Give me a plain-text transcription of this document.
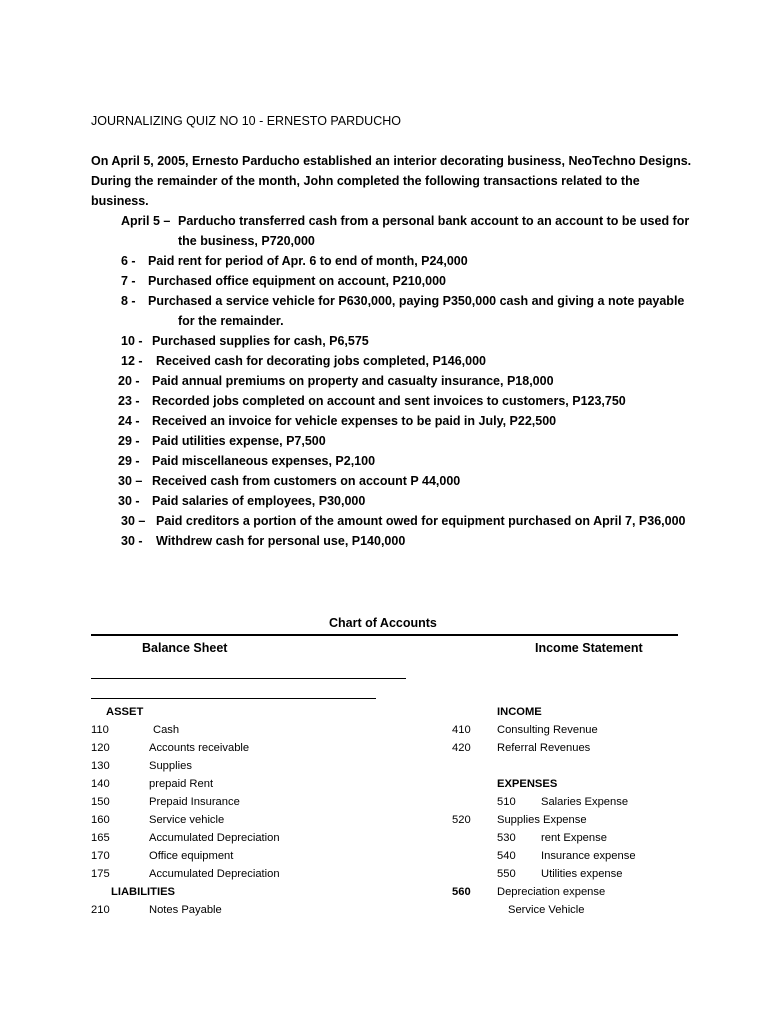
JOURNALIZING QUIZ NO 10 - ERNESTO PARDUCHO
On April 5, 2005, Ernesto Parducho established an interior decorating business, NeoTechno Designs.
During the remainder of the month, John completed the following transactions related to the
business.
April 5 – Parducho transferred cash from a personal bank account to an account to be used for
the business, P720,000
6 - Paid rent for period of Apr. 6 to end of month, P24,000
7 - Purchased office equipment on account, P210,000
8 - Purchased a service vehicle for P630,000, paying P350,000 cash and giving a note payable
for the remainder.
10 - Purchased supplies for cash, P6,575
12 - Received cash for decorating jobs completed, P146,000
20 - Paid annual premiums on property and casualty insurance, P18,000
23 - Recorded jobs completed on account and sent invoices to customers, P123,750
24 - Received an invoice for vehicle expenses to be paid in July, P22,500
29 - Paid utilities expense, P7,500
29 - Paid miscellaneous expenses, P2,100
30 – Received cash from customers on account P 44,000
30 - Paid salaries of employees, P30,000
30 – Paid creditors a portion of the amount owed for equipment purchased on April 7, P36,000
30 - Withdrew cash for personal use, P140,000
Chart of Accounts
Balance Sheet	Income Statement
ASSET
110	Cash
120	Accounts receivable
130	Supplies
140	prepaid Rent
150	Prepaid Insurance
160	Service vehicle
165	Accumulated Depreciation
170	Office equipment
175	Accumulated Depreciation
LIABILITIES
210	Notes Payable
INCOME
410 Consulting Revenue
420 Referral Revenues
EXPENSES
510 Salaries Expense
520 Supplies Expense
530 rent Expense
540 Insurance expense
550 Utilities expense
560 Depreciation expense
Service Vehicle
